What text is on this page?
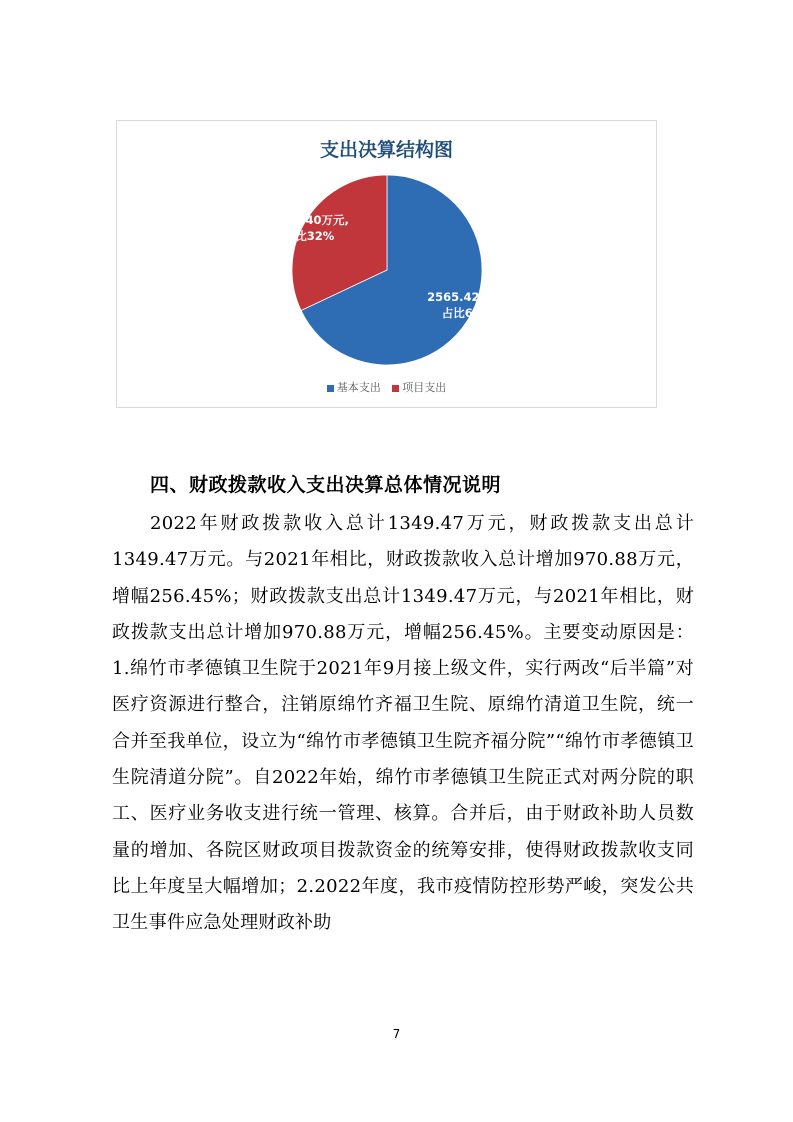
支出决算结构图
2565.42万元,占比68%
1207.40万元,占比32%
基本支出 项目支出
四、财政拨款收入支出决算总体情况说明
2022年财政拨款收入总计1349.47万元，财政拨款支出总计1349.47万元。与2021年相比，财政拨款收入总计增加970.88万元，增幅256.45%；财政拨款支出总计1349.47万元，与2021年相比，财政拨款支出总计增加970.88万元，增幅256.45%。主要变动原因是：1.绵竹市孝德镇卫生院于2021年9月接上级文件，实行两改“后半篇”对医疗资源进行整合，注销原绵竹齐福卫生院、原绵竹清道卫生院，统一合并至我单位，设立为“绵竹市孝德镇卫生院齐福分院”“绵竹市孝德镇卫生院清道分院”。自2022年始，绵竹市孝德镇卫生院正式对两分院的职工、医疗业务收支进行统一管理、核算。合并后，由于财政补助人员数量的增加、各院区财政项目拨款资金的统筹安排，使得财政拨款收支同比上年度呈大幅增加；2.2022年度，我市疫情防控形势严峻，突发公共卫生事件应急处理财政补助
7
